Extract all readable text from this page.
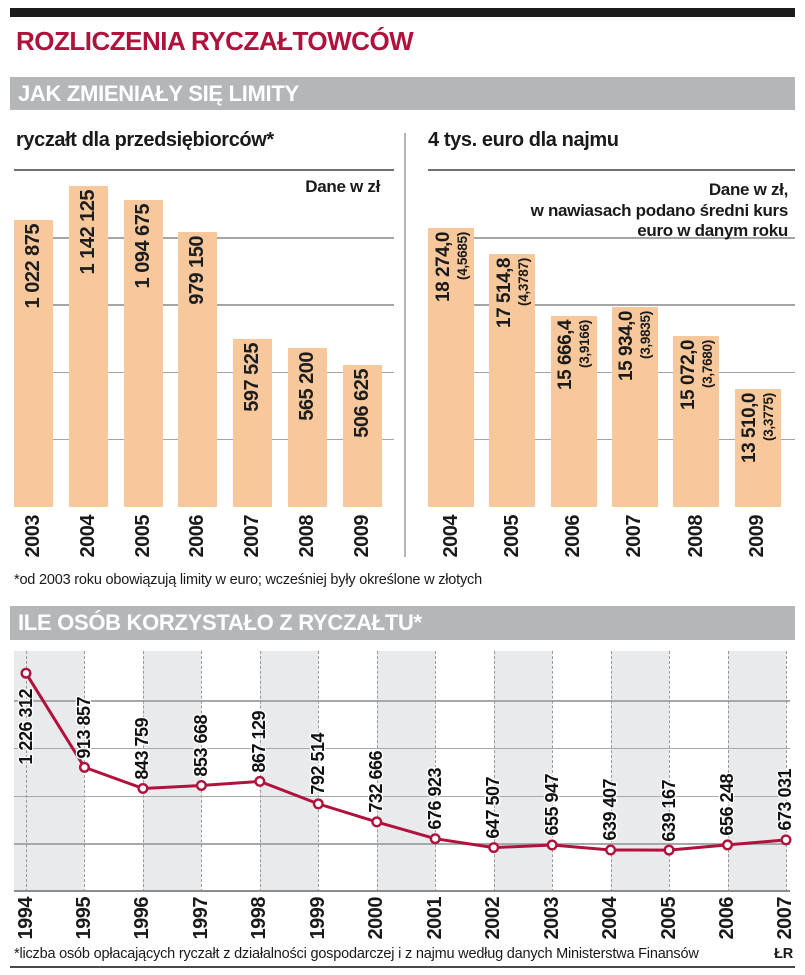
ROZLICZENIA RYCZAŁTOWCÓW
JAK ZMIENIAŁY SIĘ LIMITY
ryczałt dla przedsiębiorców*
Dane w zł
1 022 875
2003
1 142 125
2004
1 094 675
2005
979 150
2006
597 525
2007
565 200
2008
506 625
2009
4 tys. euro dla najmu
Dane w zł,
w nawiasach podano średni kurs
euro w danym roku
18 274,0 (4,5685)
2004
17 514,8 (4,3787)
2005
15 666,4 (3,9166)
2006
15 934,0 (3,9835)
2007
15 072,0 (3,7680)
2008
13 510,0 (3,3775)
2009
*od 2003 roku obowiązują limity w euro; wcześniej były określone w złotych
ILE OSÓB KORZYSTAŁO Z RYCZAŁTU*
1 226 312 913 857 843 759 853 668 867 129 792 514 732 666 676 923 647 507 655 947 639 407 639 167 656 248 673 031
1994 1995 1996 1997 1998 1999 2000 2001 2002 2003 2004 2005 2006 2007
*liczba osób opłacających ryczałt z działalności gospodarczej i z najmu według danych Ministerstwa Finansów	ŁR
